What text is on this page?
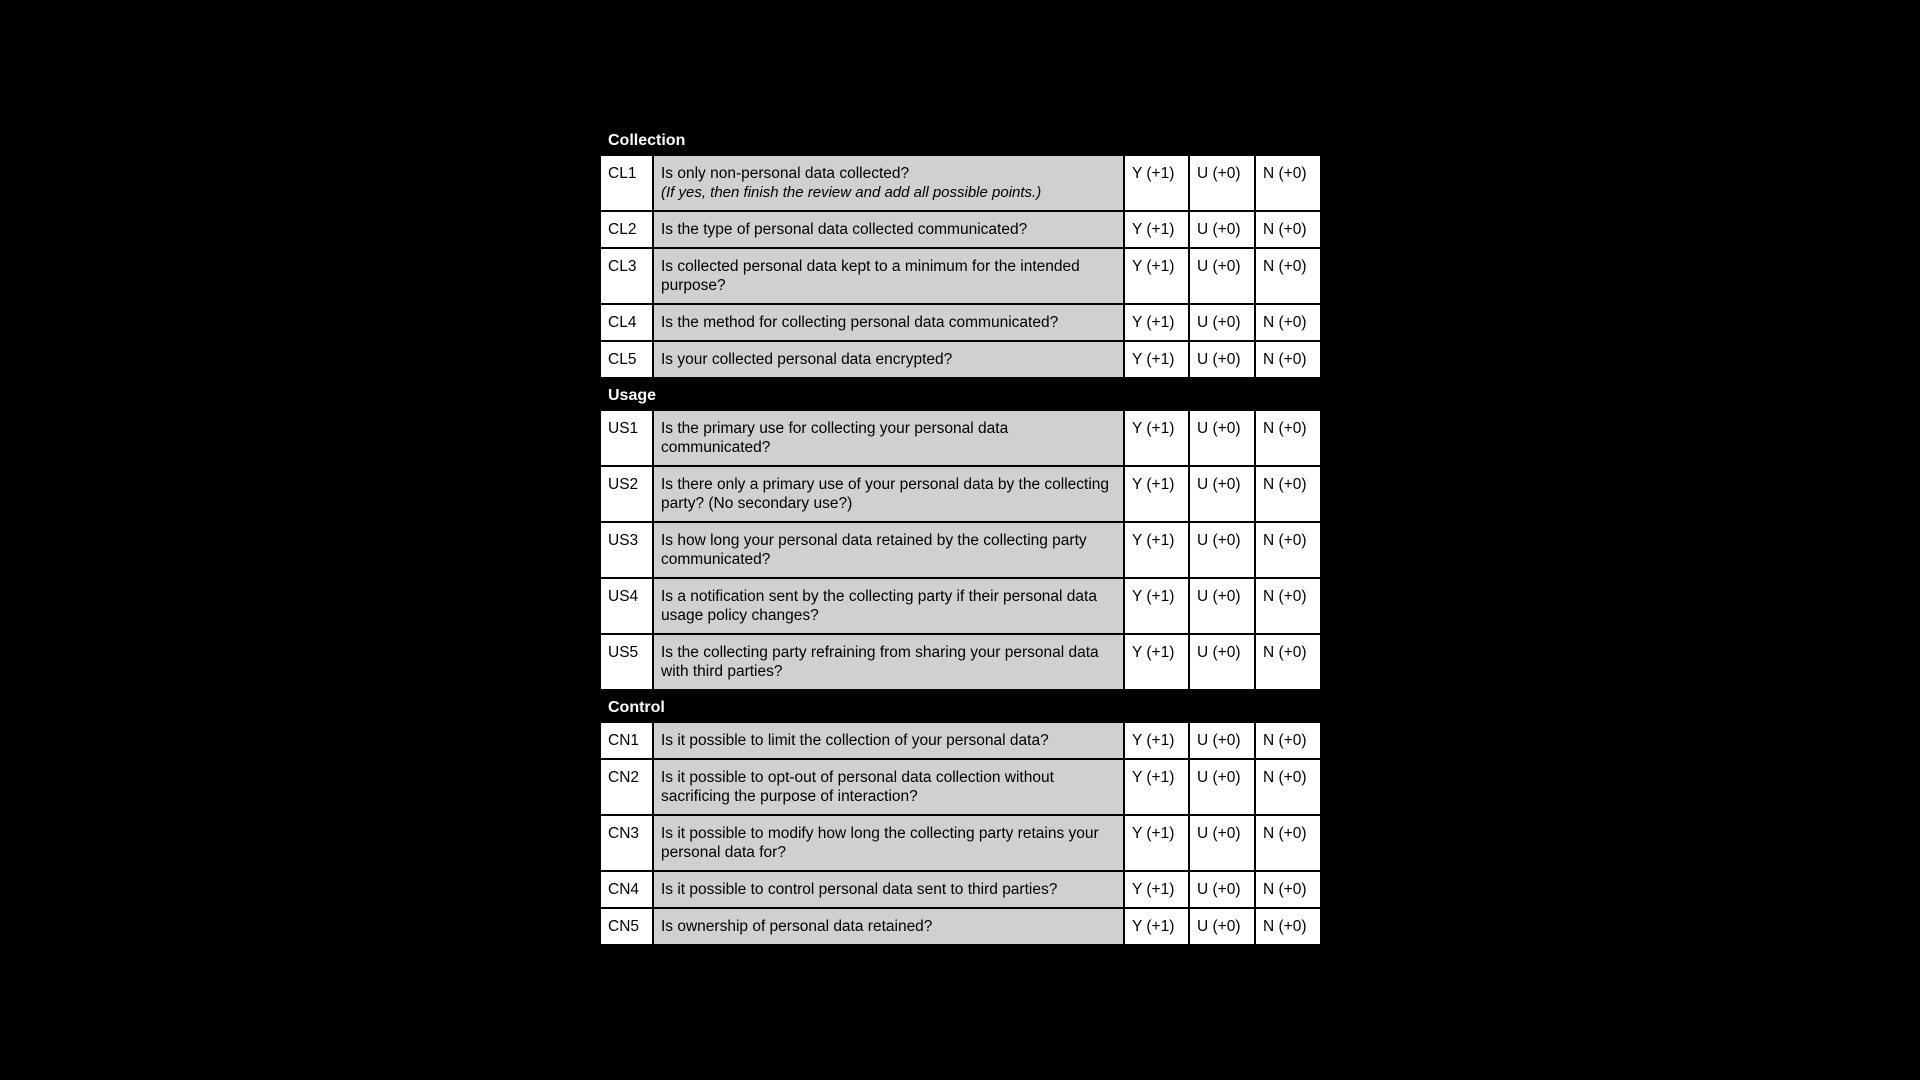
Collection
CL1	Is only non-personal data collected?
(If yes, then finish the review and add all possible points.)
Y (+1)	U (+0)	N (+0)
CL2	Is the type of personal data collected communicated?	Y (+1)	U (+0)	N (+0)
CL3	Is collected personal data kept to a minimum for the intended purpose?
Y (+1)	U (+0)	N (+0)
CL4	Is the method for collecting personal data communicated?	Y (+1)	U (+0)	N (+0)
CL5	Is your collected personal data encrypted?	Y (+1)	U (+0)	N (+0)
Usage
US1	Is the primary use for collecting your personal data communicated?
Y (+1)	U (+0)	N (+0)
US2	Is there only a primary use of your personal data by the collecting party? (No secondary use?)
Y (+1)	U (+0)	N (+0)
US3	Is how long your personal data retained by the collecting party communicated?
Y (+1)	U (+0)	N (+0)
US4	Is a notification sent by the collecting party if their personal data usage policy changes?
Y (+1)	U (+0)	N (+0)
US5	Is the collecting party refraining from sharing your personal data with third parties?
Y (+1)	U (+0)	N (+0)
Control
CN1	Is it possible to limit the collection of your personal data?	Y (+1)	U (+0)	N (+0)
CN2	Is it possible to opt-out of personal data collection without sacrificing the purpose of interaction?
Y (+1)	U (+0)	N (+0)
CN3	Is it possible to modify how long the collecting party retains your personal data for?
Y (+1)	U (+0)	N (+0)
CN4	Is it possible to control personal data sent to third parties?	Y (+1)	U (+0)	N (+0)
CN5	Is ownership of personal data retained?	Y (+1)	U (+0)	N (+0)
